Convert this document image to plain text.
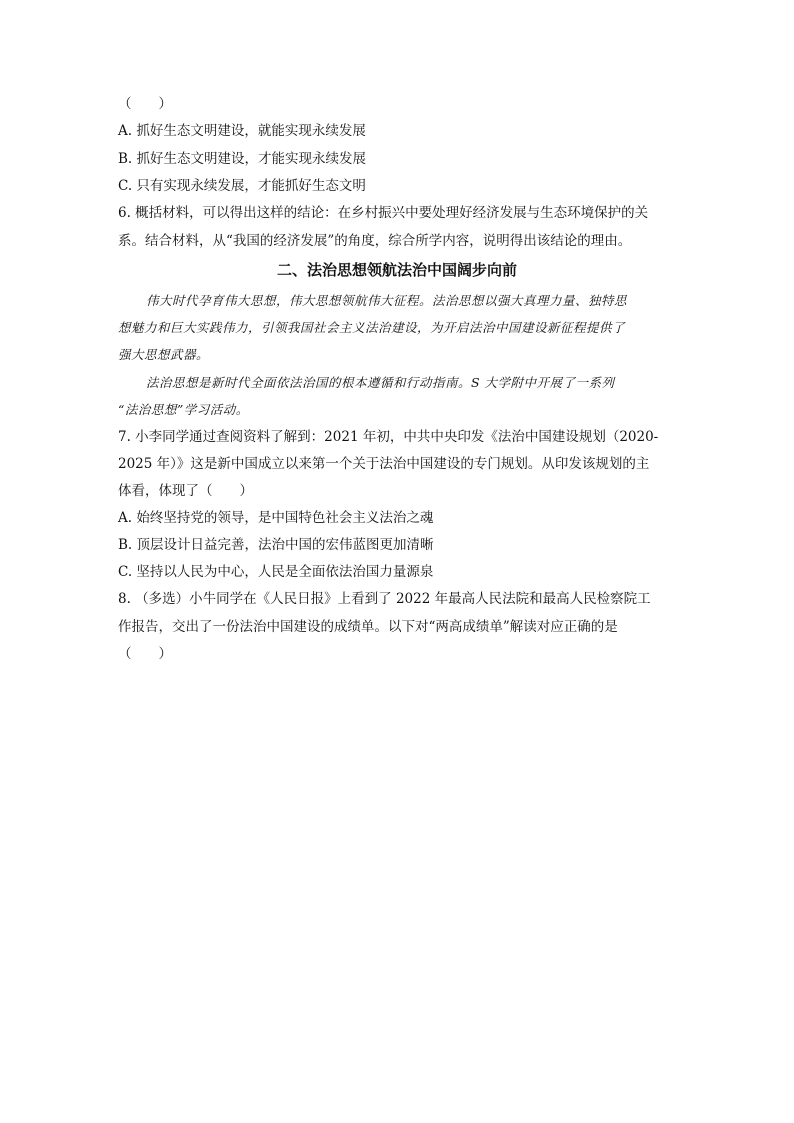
（　　）
A. 抓好生态文明建设，就能实现永续发展
B. 抓好生态文明建设，才能实现永续发展
C. 只有实现永续发展，才能抓好生态文明
6. 概括材料，可以得出这样的结论：在乡村振兴中要处理好经济发展与生态环境保护的关
系。结合材料，从“我国的经济发展”的角度，综合所学内容，说明得出该结论的理由。
二、法治思想领航法治中国阔步向前
伟大时代孕育伟大思想，伟大思想领航伟大征程。法治思想以强大真理力量、独特思
想魅力和巨大实践伟力，引领我国社会主义法治建设，为开启法治中国建设新征程提供了
强大思想武器。
法治思想是新时代全面依法治国的根本遵循和行动指南。S 大学附中开展了一系列
“法治思想”学习活动。
7. 小李同学通过查阅资料了解到：2021 年初，中共中央印发《法治中国建设规划（2020-
2025 年）》这是新中国成立以来第一个关于法治中国建设的专门规划。从印发该规划的主
体看，体现了（　　）
A. 始终坚持党的领导，是中国特色社会主义法治之魂
B. 顶层设计日益完善，法治中国的宏伟蓝图更加清晰
C. 坚持以人民为中心，人民是全面依法治国力量源泉
8. （多选）小牛同学在《人民日报》上看到了 2022 年最高人民法院和最高人民检察院工
作报告，交出了一份法治中国建设的成绩单。以下对“两高成绩单”解读对应正确的是
（　　）
